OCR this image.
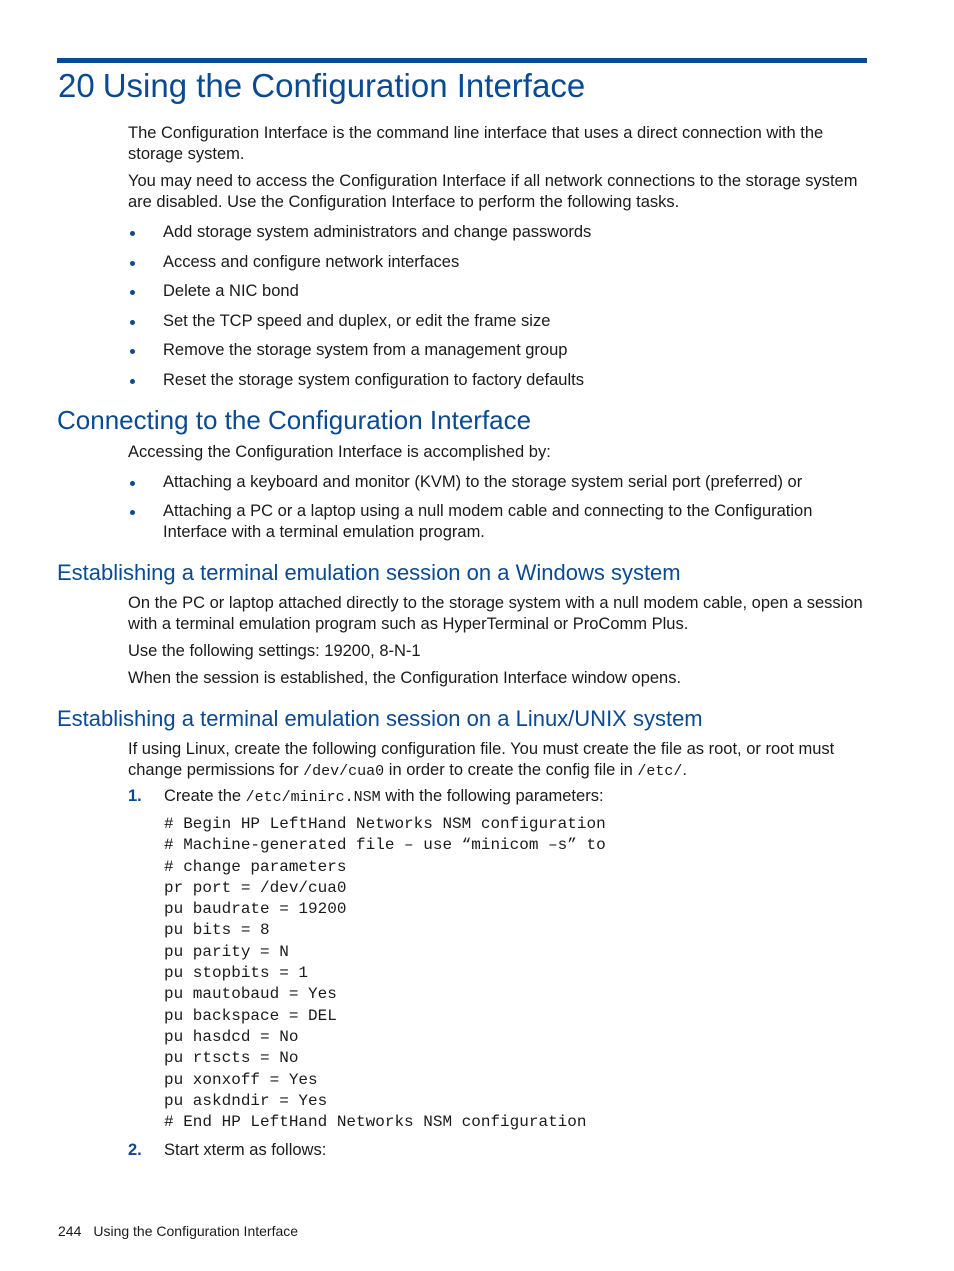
20 Using the Configuration Interface

The Configuration Interface is the command line interface that uses a direct connection with the storage system.

You may need to access the Configuration Interface if all network connections to the storage system are disabled. Use the Configuration Interface to perform the following tasks.

Add storage system administrators and change passwords
Access and configure network interfaces
Delete a NIC bond
Set the TCP speed and duplex, or edit the frame size
Remove the storage system from a management group
Reset the storage system configuration to factory defaults
Connecting to the Configuration Interface

Accessing the Configuration Interface is accomplished by:

Attaching a keyboard and monitor (KVM) to the storage system serial port (preferred) or
Attaching a PC or a laptop using a null modem cable and connecting to the Configuration Interface with a terminal emulation program.
Establishing a terminal emulation session on a Windows system

On the PC or laptop attached directly to the storage system with a null modem cable, open a session with a terminal emulation program such as HyperTerminal or ProComm Plus.

Use the following settings: 19200, 8-N-1

When the session is established, the Configuration Interface window opens.

Establishing a terminal emulation session on a Linux/UNIX system

If using Linux, create the following configuration file. You must create the file as root, or root must change permissions for /dev/cua0 in order to create the config file in /etc/.

1. Create the /etc/minirc.NSM with the following parameters:

# Begin HP LeftHand Networks NSM configuration
# Machine-generated file – use “minicom –s” to
# change parameters
pr port = /dev/cua0
pu baudrate = 19200
pu bits = 8
pu parity = N
pu stopbits = 1
pu mautobaud = Yes
pu backspace = DEL
pu hasdcd = No
pu rtscts = No
pu xonxoff = Yes
pu askdndir = Yes
# End HP LeftHand Networks NSM configuration
2. Start xterm as follows:

244 Using the Configuration Interface
